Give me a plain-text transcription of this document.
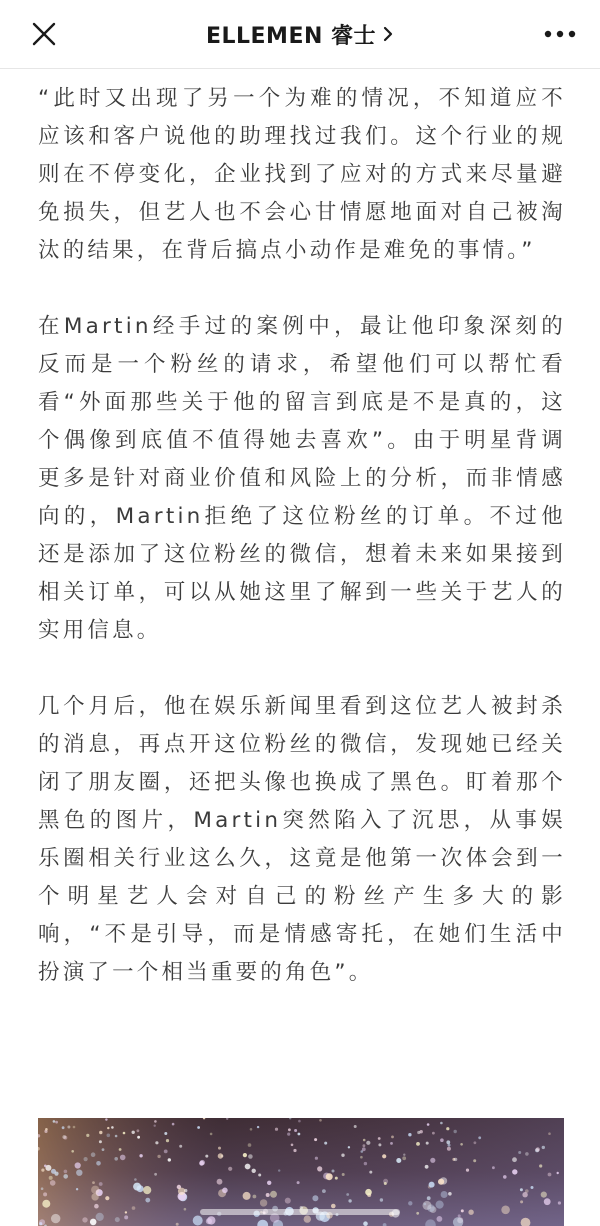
ELLEMEN 睿士

“此时又出现了另一个为难的情况，不知道应不应该和客户说他的助理找过我们。这个行业的规则在不停变化，企业找到了应对的方式来尽量避免损失，但艺人也不会心甘情愿地面对自己被淘汰的结果，在背后搞点小动作是难免的事情。”

在Martin经手过的案例中，最让他印象深刻的反而是一个粉丝的请求，希望他们可以帮忙看看“外面那些关于他的留言到底是不是真的，这个偶像到底值不值得她去喜欢”。由于明星背调更多是针对商业价值和风险上的分析，而非情感向的，Martin拒绝了这位粉丝的订单。不过他还是添加了这位粉丝的微信，想着未来如果接到相关订单，可以从她这里了解到一些关于艺人的实用信息。

几个月后，他在娱乐新闻里看到这位艺人被封杀的消息，再点开这位粉丝的微信，发现她已经关闭了朋友圈，还把头像也换成了黑色。盯着那个黑色的图片，Martin突然陷入了沉思，从事娱乐圈相关行业这么久，这竟是他第一次体会到一个明星艺人会对自己的粉丝产生多大的影响，“不是引导，而是情感寄托，在她们生活中扮演了一个相当重要的角色”。
